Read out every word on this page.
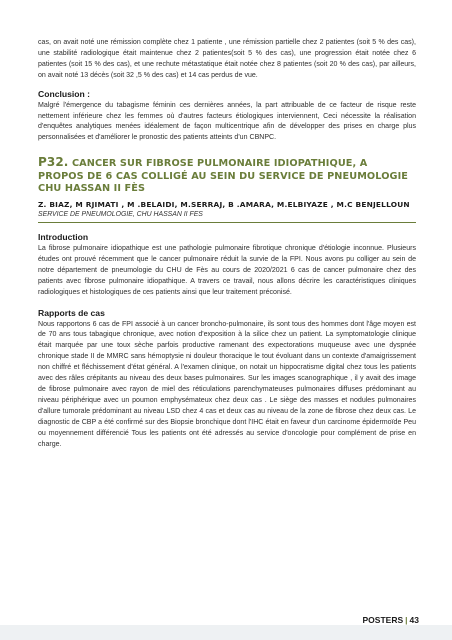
cas, on avait noté une rémission complète chez 1 patiente , une rémission partielle chez 2 patientes (soit 5 % des cas), une stabilité radiologique était maintenue chez 2 patientes(soit 5 % des cas), une progression était notée chez 6 patientes (soit 15 % des cas), et une rechute métastatique était notée chez 8 patientes (soit 20 % des cas), par ailleurs, on avait noté 13 décès (soit 32 ,5 % des cas) et 14 cas perdus de vue.

Conclusion :

Malgré l'émergence du tabagisme féminin ces dernières années, la part attribuable de ce facteur de risque reste nettement inférieure chez les femmes où d'autres facteurs étiologiques interviennent, Ceci nécessite la réalisation d'enquêtes analytiques menées idéalement de façon multicentrique afin de développer des prises en charge plus personnalisées et d'améliorer le pronostic des patients atteints d'un CBNPC.

P32. CANCER SUR FIBROSE PULMONAIRE IDIOPATHIQUE, A PROPOS DE 6 CAS COLLIGÉ AU SEIN DU SERVICE DE PNEUMOLOGIE CHU HASSAN II FÈS

Z. BIAZ, M RJIMATI , M .BELAIDI, M.SERRAJ, B .AMARA, M.ELBIYAZE , M.C BENJELLOUN
SERVICE DE PNEUMOLOGIE, CHU HASSAN II FES

Introduction

La fibrose pulmonaire idiopathique est une pathologie pulmonaire fibrotique chronique d'étiologie inconnue. Plusieurs études ont prouvé récemment que le cancer pulmonaire réduit la survie de la FPI. Nous avons pu colliger au sein de notre département de pneumologie du CHU de Fès au cours de 2020/2021 6 cas de cancer pulmonaire chez des patients avec fibrose pulmonaire idiopathique. A travers ce travail, nous allons décrire les caractéristiques cliniques radiologiques et histologiques de ces patients ainsi que leur traitement préconisé.

Rapports de cas

Nous rapportons 6 cas de FPI associé à un cancer broncho-pulmonaire, ils sont tous des hommes dont l'âge moyen est de 70 ans tous tabagique chronique, avec notion d'exposition à la silice chez un patient. La symptomatologie clinique était marquée par une toux sèche parfois productive ramenant des expectorations muqueuse avec une dyspnée chronique stade II de MMRC sans hémoptysie ni douleur thoracique le tout évoluant dans un contexte d'amaigrissement non chiffré et fléchissement d'état général. A l'examen clinique, on notait un hippocratisme digital chez tous les patients avec des râles crépitants au niveau des deux bases pulmonaires. Sur les images scanographique , il y avait des image de fibrose pulmonaire avec rayon de miel des réticulations parenchymateuses pulmonaires diffuses prédominant au niveau périphérique avec un poumon emphysémateux chez deux cas . Le siège des masses et nodules pulmonaires d'allure tumorale prédominant au niveau LSD chez 4 cas et deux cas au niveau de la zone de fibrose chez deux cas. Le diagnostic de CBP a été confirmé sur des Biopsie bronchique dont l'IHC était en faveur d'un carcinome épidermoïde Peu ou moyennement différencié Tous les patients ont été adressés au service d'oncologie pour complément de prise en charge.

POSTERS | 43
